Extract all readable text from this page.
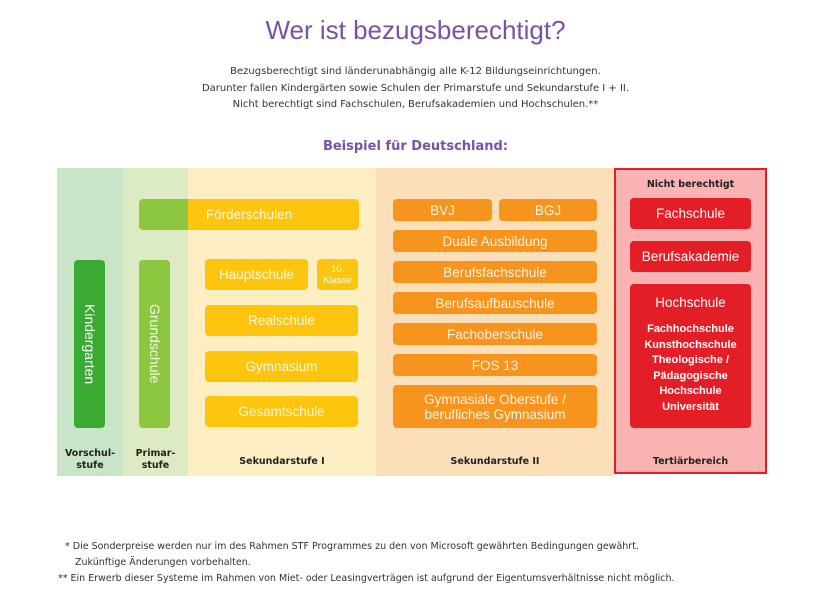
Wer ist bezugsberechtigt?
Bezugsberechtigt sind länderunabhängig alle K-12 Bildungseinrichtungen.
Darunter fallen Kindergärten sowie Schulen der Primarstufe und Sekundarstufe I + II.
Nicht berechtigt sind Fachschulen, Berufsakademien und Hochschulen.**
Beispiel für Deutschland:
Kindergarten	Grundschule
Förderschulen
Hauptschule	10.
Klasse
Realschule
Gymnasium
Gesamtschule
BVJ	BGJ
Duale Ausbildung
Berufsfachschule
Berufsaufbauschule
Fachoberschule
FOS 13
Gymnasiale Oberstufe /
berufliches Gymnasium
Nicht berechtigt
Fachschule
Berufsakademie
Hochschule
Fachhochschule
Kunsthochschule
Theologische /
Pädagogische
Hochschule
Universität
Vorschul-
stufe
Primar-
stufe	Sekundarstufe I	Sekundarstufe II	Tertiärbereich
* Die Sonderpreise werden nur im des Rahmen STF Programmes zu den von Microsoft gewährten Bedingungen gewährt.
Zukünftige Änderungen vorbehalten.
** Ein Erwerb dieser Systeme im Rahmen von Miet- oder Leasingverträgen ist aufgrund der Eigentumsverhältnisse nicht möglich.
